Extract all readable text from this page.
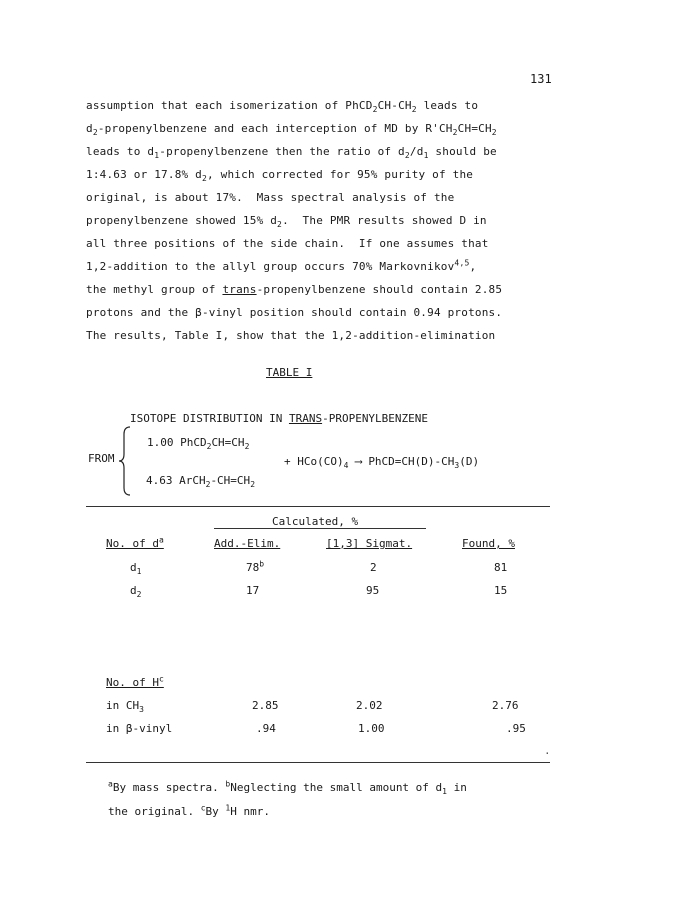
131
assumption that each isomerization of $PhCD_2CH-CH_2$ leads to
$d_2$-propenylbenzene and each interception of MD by $R'CH_2CH=CH_2$
leads to $d_1$-propenylbenzene then the ratio of $d_2/d_1$ should be
1:4.63 or 17.8% $d_2$, which corrected for 95% purity of the
original, is about 17%.  Mass spectral analysis of the
propenylbenzene showed 15% $d_2$.  The PMR results showed D in
all three positions of the side chain.  If one assumes that
1,2-addition to the allyl group occurs 70% Markovnikov$^{4,5}$,
the methyl group of trans-propenylbenzene should contain 2.85
protons and the β-vinyl position should contain 0.94 protons.
The results, Table I, show that the 1,2-addition-elimination
TABLE I
ISOTOPE DISTRIBUTION IN TRANS-PROPENYLBENZENE
FROM
1.00 $PhCD_2CH=CH_2$
4.63 $ArCH_2-CH=CH_2$
+ $HCo(CO)_4$ ⟶ $PhCD=CH(D)-CH_3(D)$
Calculated, %
No. of $d^a$	Add.-Elim.	[1,3] Sigmat.	Found, %
$d_1$	78$^b$	2	81
$d_2$	17	95	15
No. of $H^c$
in $CH_3$	2.85	2.02	2.76
in β-vinyl	.94	1.00	.95
.
$^a$By mass spectra. $^b$Neglecting the small amount of $d_1$ in
the original. $^c$By $^1$H nmr.
